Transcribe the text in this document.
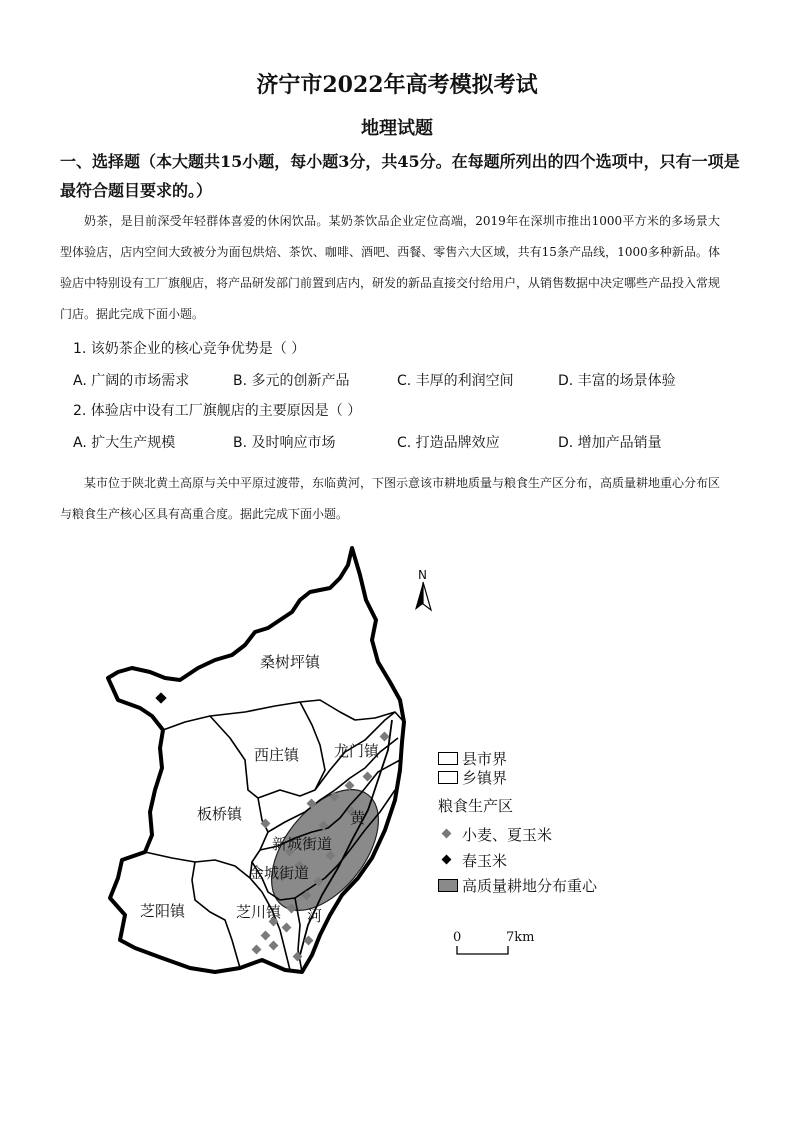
济宁市2022年高考模拟考试
地理试题
一、选择题（本大题共15小题，每小题3分，共45分。在每题所列出的四个选项中，只有一项是最符合题目要求的。）
奶茶，是目前深受年轻群体喜爱的休闲饮品。某奶茶饮品企业定位高端，2019年在深圳市推出1000平方米的多场景大型体验店，店内空间大致被分为面包烘焙、茶饮、咖啡、酒吧、西餐、零售六大区域，共有15条产品线，1000多种新品。体验店中特别设有工厂旗舰店，将产品研发部门前置到店内，研发的新品直接交付给用户，从销售数据中决定哪些产品投入常规门店。据此完成下面小题。
1. 该奶茶企业的核心竞争优势是（ ）
A. 广阔的市场需求	B. 多元的创新产品	C. 丰厚的利润空间	D. 丰富的场景体验
2. 体验店中设有工厂旗舰店的主要原因是（ ）
A. 扩大生产规模	B. 及时响应市场	C. 打造品牌效应	D. 增加产品销量
某市位于陕北黄土高原与关中平原过渡带，东临黄河，下图示意该市耕地质量与粮食生产区分布，高质量耕地重心分布区与粮食生产核心区具有高重合度。据此完成下面小题。
桑树坪镇
西庄镇 龙门镇
板桥镇
新城街道
金城街道
芝阳镇	芝川镇
黄
河
N
县市界
乡镇界
粮食生产区
小麦、夏玉米
春玉米
高质量耕地分布重心
0	7km
